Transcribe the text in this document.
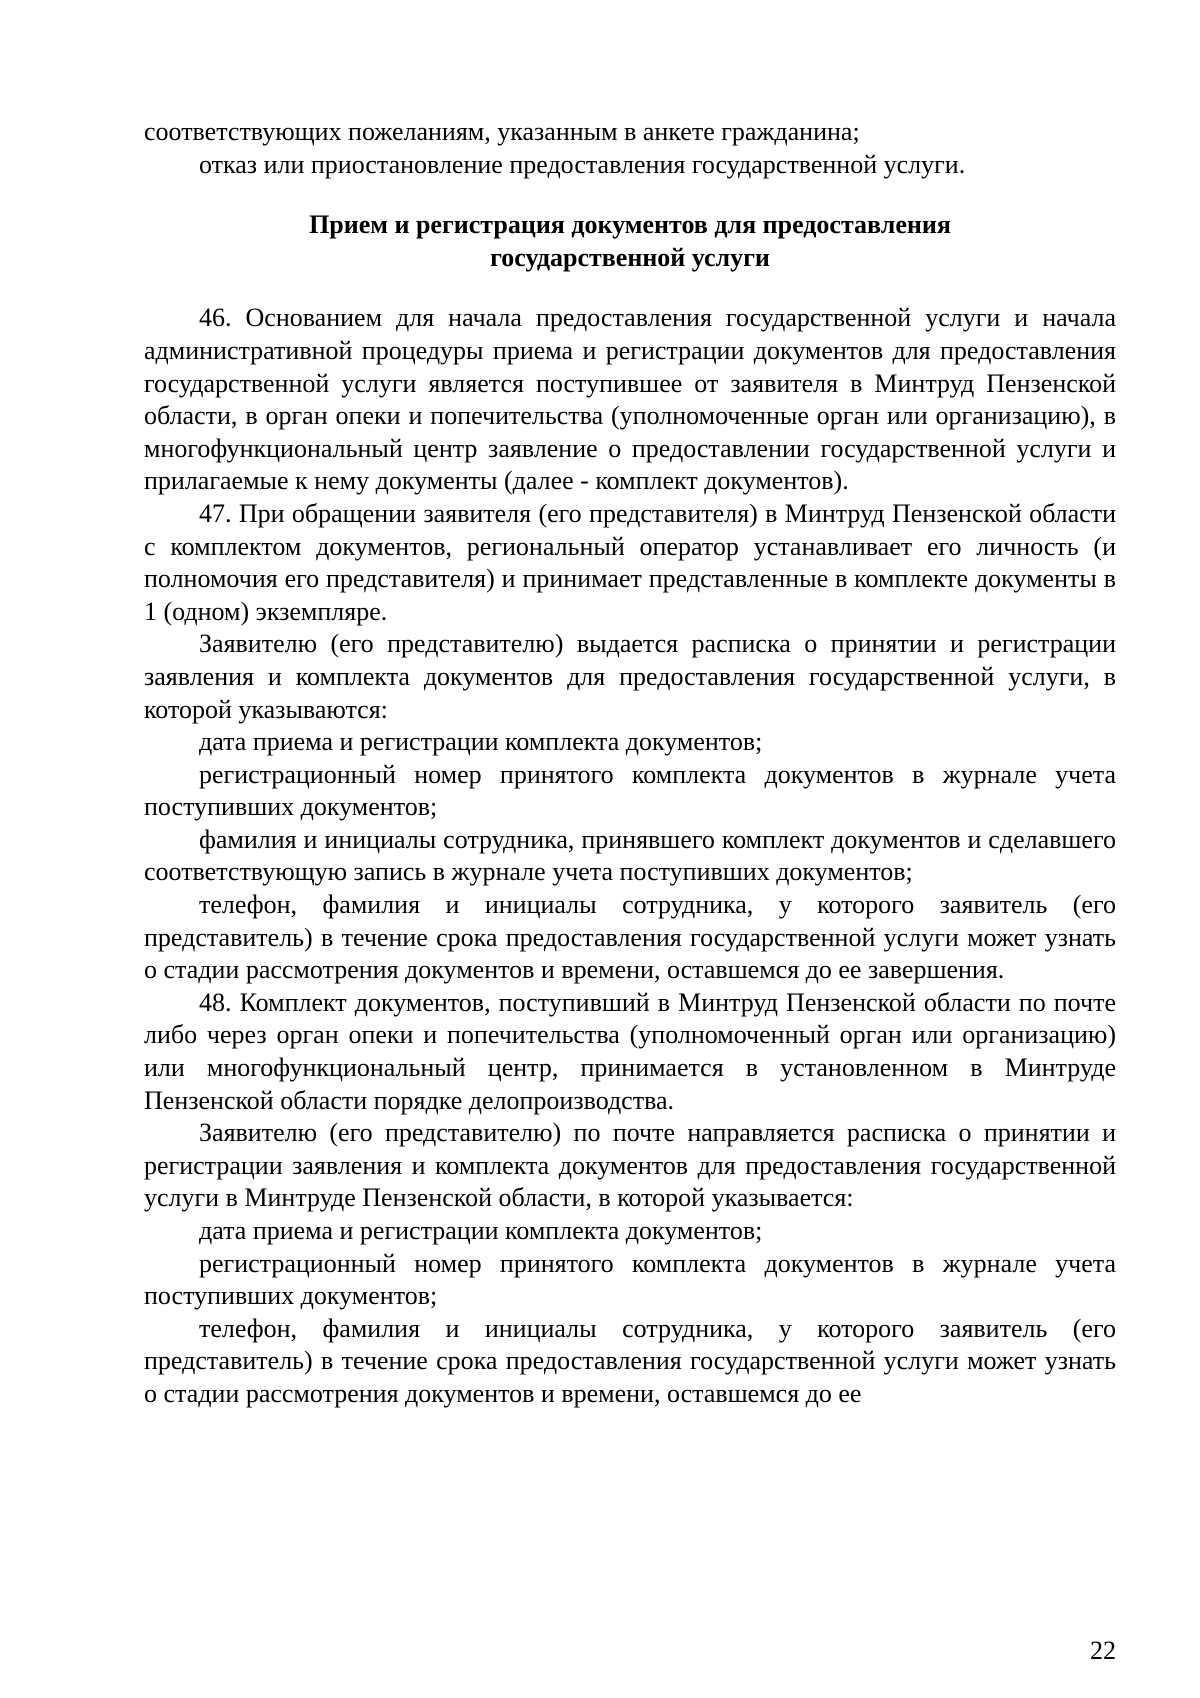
соответствующих пожеланиям, указанным в анкете гражданина;

отказ или приостановление предоставления государственной услуги.

Прием и регистрация документов для предоставления
государственной услуги

46. Основанием для начала предоставления государственной услуги и начала административной процедуры приема и регистрации документов для предоставления государственной услуги является поступившее от заявителя в Минтруд Пензенской области, в орган опеки и попечительства (уполномоченные орган или организацию), в многофункциональный центр заявление о предоставлении государственной услуги и прилагаемые к нему документы (далее - комплект документов).

47. При обращении заявителя (его представителя) в Минтруд Пензенской области с комплектом документов, региональный оператор устанавливает его личность (и полномочия его представителя) и принимает представленные в комплекте документы в 1 (одном) экземпляре.

Заявителю (его представителю) выдается расписка о принятии и регистрации заявления и комплекта документов для предоставления государственной услуги, в которой указываются:

дата приема и регистрации комплекта документов;

регистрационный номер принятого комплекта документов в журнале учета поступивших документов;

фамилия и инициалы сотрудника, принявшего комплект документов и сделавшего соответствующую запись в журнале учета поступивших документов;

телефон, фамилия и инициалы сотрудника, у которого заявитель (его представитель) в течение срока предоставления государственной услуги может узнать о стадии рассмотрения документов и времени, оставшемся до ее завершения.

48. Комплект документов, поступивший в Минтруд Пензенской области по почте либо через орган опеки и попечительства (уполномоченный орган или организацию) или многофункциональный центр, принимается в установленном в Минтруде Пензенской области порядке делопроизводства.

Заявителю (его представителю) по почте направляется расписка о принятии и регистрации заявления и комплекта документов для предоставления государственной услуги в Минтруде Пензенской области, в которой указывается:

дата приема и регистрации комплекта документов;

регистрационный номер принятого комплекта документов в журнале учета поступивших документов;

телефон, фамилия и инициалы сотрудника, у которого заявитель (его представитель) в течение срока предоставления государственной услуги может узнать о стадии рассмотрения документов и времени, оставшемся до ее

22
